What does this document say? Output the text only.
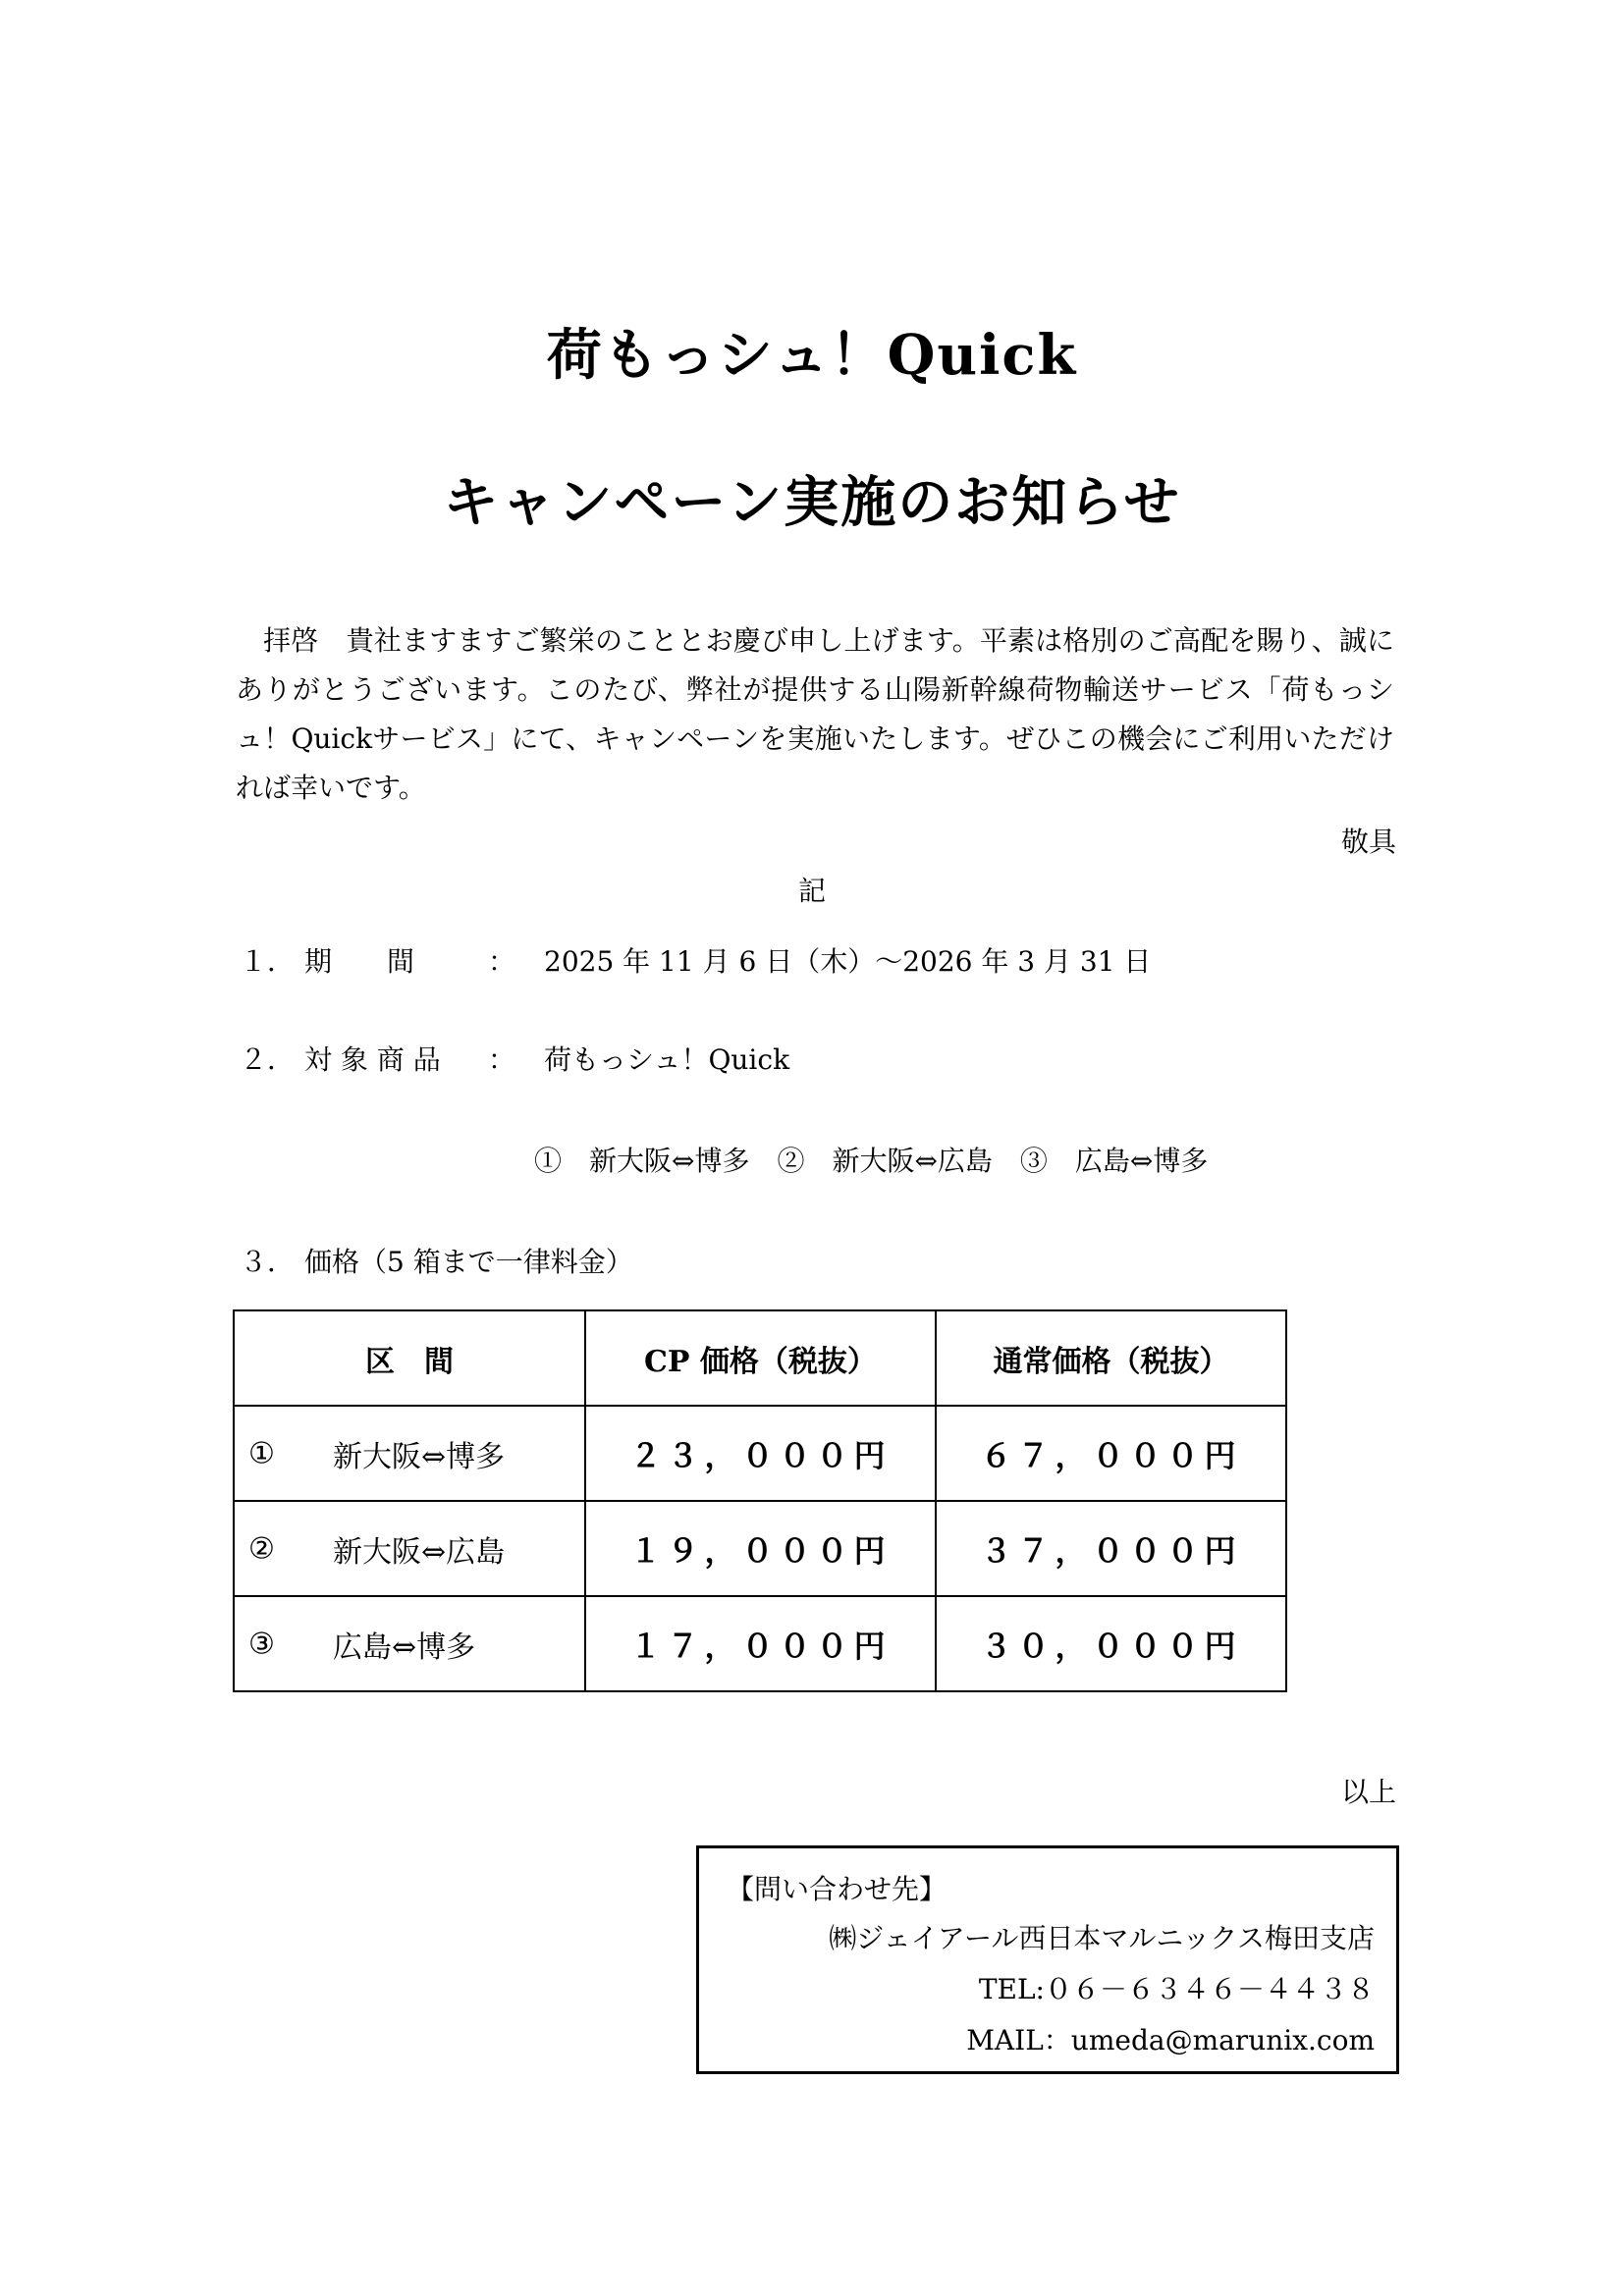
荷もっシュ！Quick
キャンペーン実施のお知らせ
　拝啓　貴社ますますご繁栄のこととお慶び申し上げます。平素は格別のご高配を賜り、誠にありがとうございます。このたび、弊社が提供する山陽新幹線荷物輸送サービス「荷もっシュ！Quickサービス」にて、キャンペーンを実施いたします。ぜひこの機会にご利用いただければ幸いです。
敬具
記
１． 期　　間	： 2025 年 11 月 6 日（木）～2026 年 3 月 31 日
２． 対 象 商 品 ： 荷もっシュ！Quick
①　新大阪⇔博多　②　新大阪⇔広島　③　広島⇔博多
３． 価格（5 箱まで一律料金）
区　間	CP 価格（税抜）	通常価格（税抜）

① 新大阪⇔博多	２３，０００円	６７，０００円

② 新大阪⇔広島	１９，０００円	３７，０００円

③ 広島⇔博多	１７，０００円	３０，０００円
以上
【問い合わせ先】
㈱ジェイアール西日本マルニックス梅田支店
TEL:０６－６３４６－４４３８
MAIL：umeda@marunix.com
